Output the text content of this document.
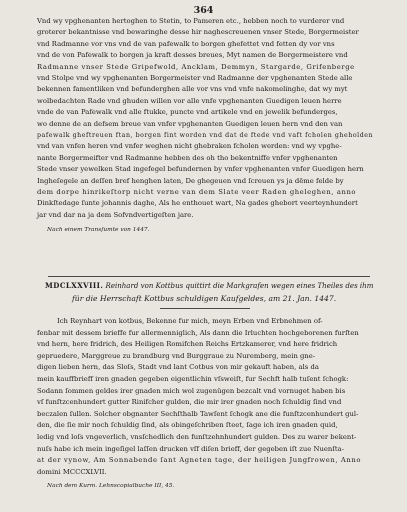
364
Vnd wy vpghenanten hertoghen to Stetin, to Pameren etc., hebben noch to vurderer vnd
groterer bekantnisse vnd bewaringhe desse hir naghescreuenen vnser Stede, Borgermeister
vnd Radmanne vor vns vnd de van pafewalk to borgen ghefettet vnd fetten dy vor vns
vnd de von Pafewalk to borgen ja kraft desses breues, Myt namen de Borgermeistere vnd
Radmanne vnser Stede Gripefwold, Ancklam, Demmyn, Stargarde, Grifenberge
vnd Stolpe vnd wy vpghenanten Borgermeister vnd Radmanne der vpghenanten Stede alle
bekennen famentliken vnd befunderghen alle vor vns vnd vnfe nakomelinghe, dat wy myt
wolbedachten Rade vnd ghuden willen vor alle vnfe vpghenanten Guedigen leuen herre
vnde de van Pafewalk vnd alle ftukke, puncte vnd artikele vnd en jewelik befunderges,
wo denne de an defsem breue van vnfer vpghenanten Guedigen leuen hern vnd den van
pafewalk gheftreuen ftan, borgen fint worden vnd dat de ftede vnd vaft fcholen gheholden
vnd van vnfen heren vnd vnfer weghen nicht ghebraken fcholen werden: vnd wy vpghe-
nante Borgermeifter vnd Radmanne hebben des oh tho bekentniffe vnfer vpghenanten
Stede vnser yewelken Stad ingefegel befundernen by vnfer vpghenanten vnfer Guedigen hern
Ingheſegele an deſſen bref henghen laten, De ghegeuen vnd ſcreuen ys ja dēme felde by
dem dorpe hinrikeſtorp nicht verne van dem Slate veer Raden gheleghen, anno
Dinkſtedage ſunte johannis daghe, Als he enthouet wart, Na gades ghebort veerteynhundert
jar vnd dar na ja dem Sofvndvertigeſten jare.
Nach einem Transſumte von 1447.
MDCLXXVIII. Reinhard von Kottbus quittirt die Markgrafen wegen eines Theiles des ihm
für die Herrschaft Kottbus schuldigen Kaufgeldes, am 21. Jan. 1447.
Ich Reynhart von kotbus, Bekenne fur mich, meyn Erben vnd Erbnehmen of-
fenbar mit dessem brieffe fur allermenniglich, Als dann die Irluchten hochgeborenen furſten
vnd hern, here fridrich, des Heiligen Romifchen Reichs Ertzkamerer, vnd here fridrich
gepruedere, Marggreue zu brandburg vnd Burggraue zu Nuremberg, mein gne-
digen lieben hern, das Sloſs, Stadt vnd lant Cotbus von mir gekauft haben, als da
mein kauffbrieff iren gnaden gegeben eigentlichin vſsweiſt, fur Sechft halb tuſent ſchogk:
Sodann ſommen geldes irer gnaden mich wol zugenügen bezcalt vnd vornuget haben bis
vſ funſtzcenhundert gutter Rinifcher gulden, die mir irer gnaden noch ſchuldig ſind vnd
beczalen ſullen. Solcher obgnanter Sechſthalb Tawſent ſchogk ane die funſtzcenhundert gul-
den, die ſie mir noch ſchuldig ſind, als obingeſchriben ſteet, ſage ich iren gnaden quid,
ledig vnd loſs vngeverlich, vnsſchedlich den funſtzehnhundert gulden. Des zu warer bekent-
nuſs habe ich mein ingeſigel laſſen drucken vſf diſen brieff, der gegeben iſt zue Nuenſta-
at der vynow, Am Sonnabende ſant Agneten tage, der heiligen Jungfrowen, Anno
domini MCCCXLVII.
Nach dem Kurm. Lehnscopialbuche III, 45.
